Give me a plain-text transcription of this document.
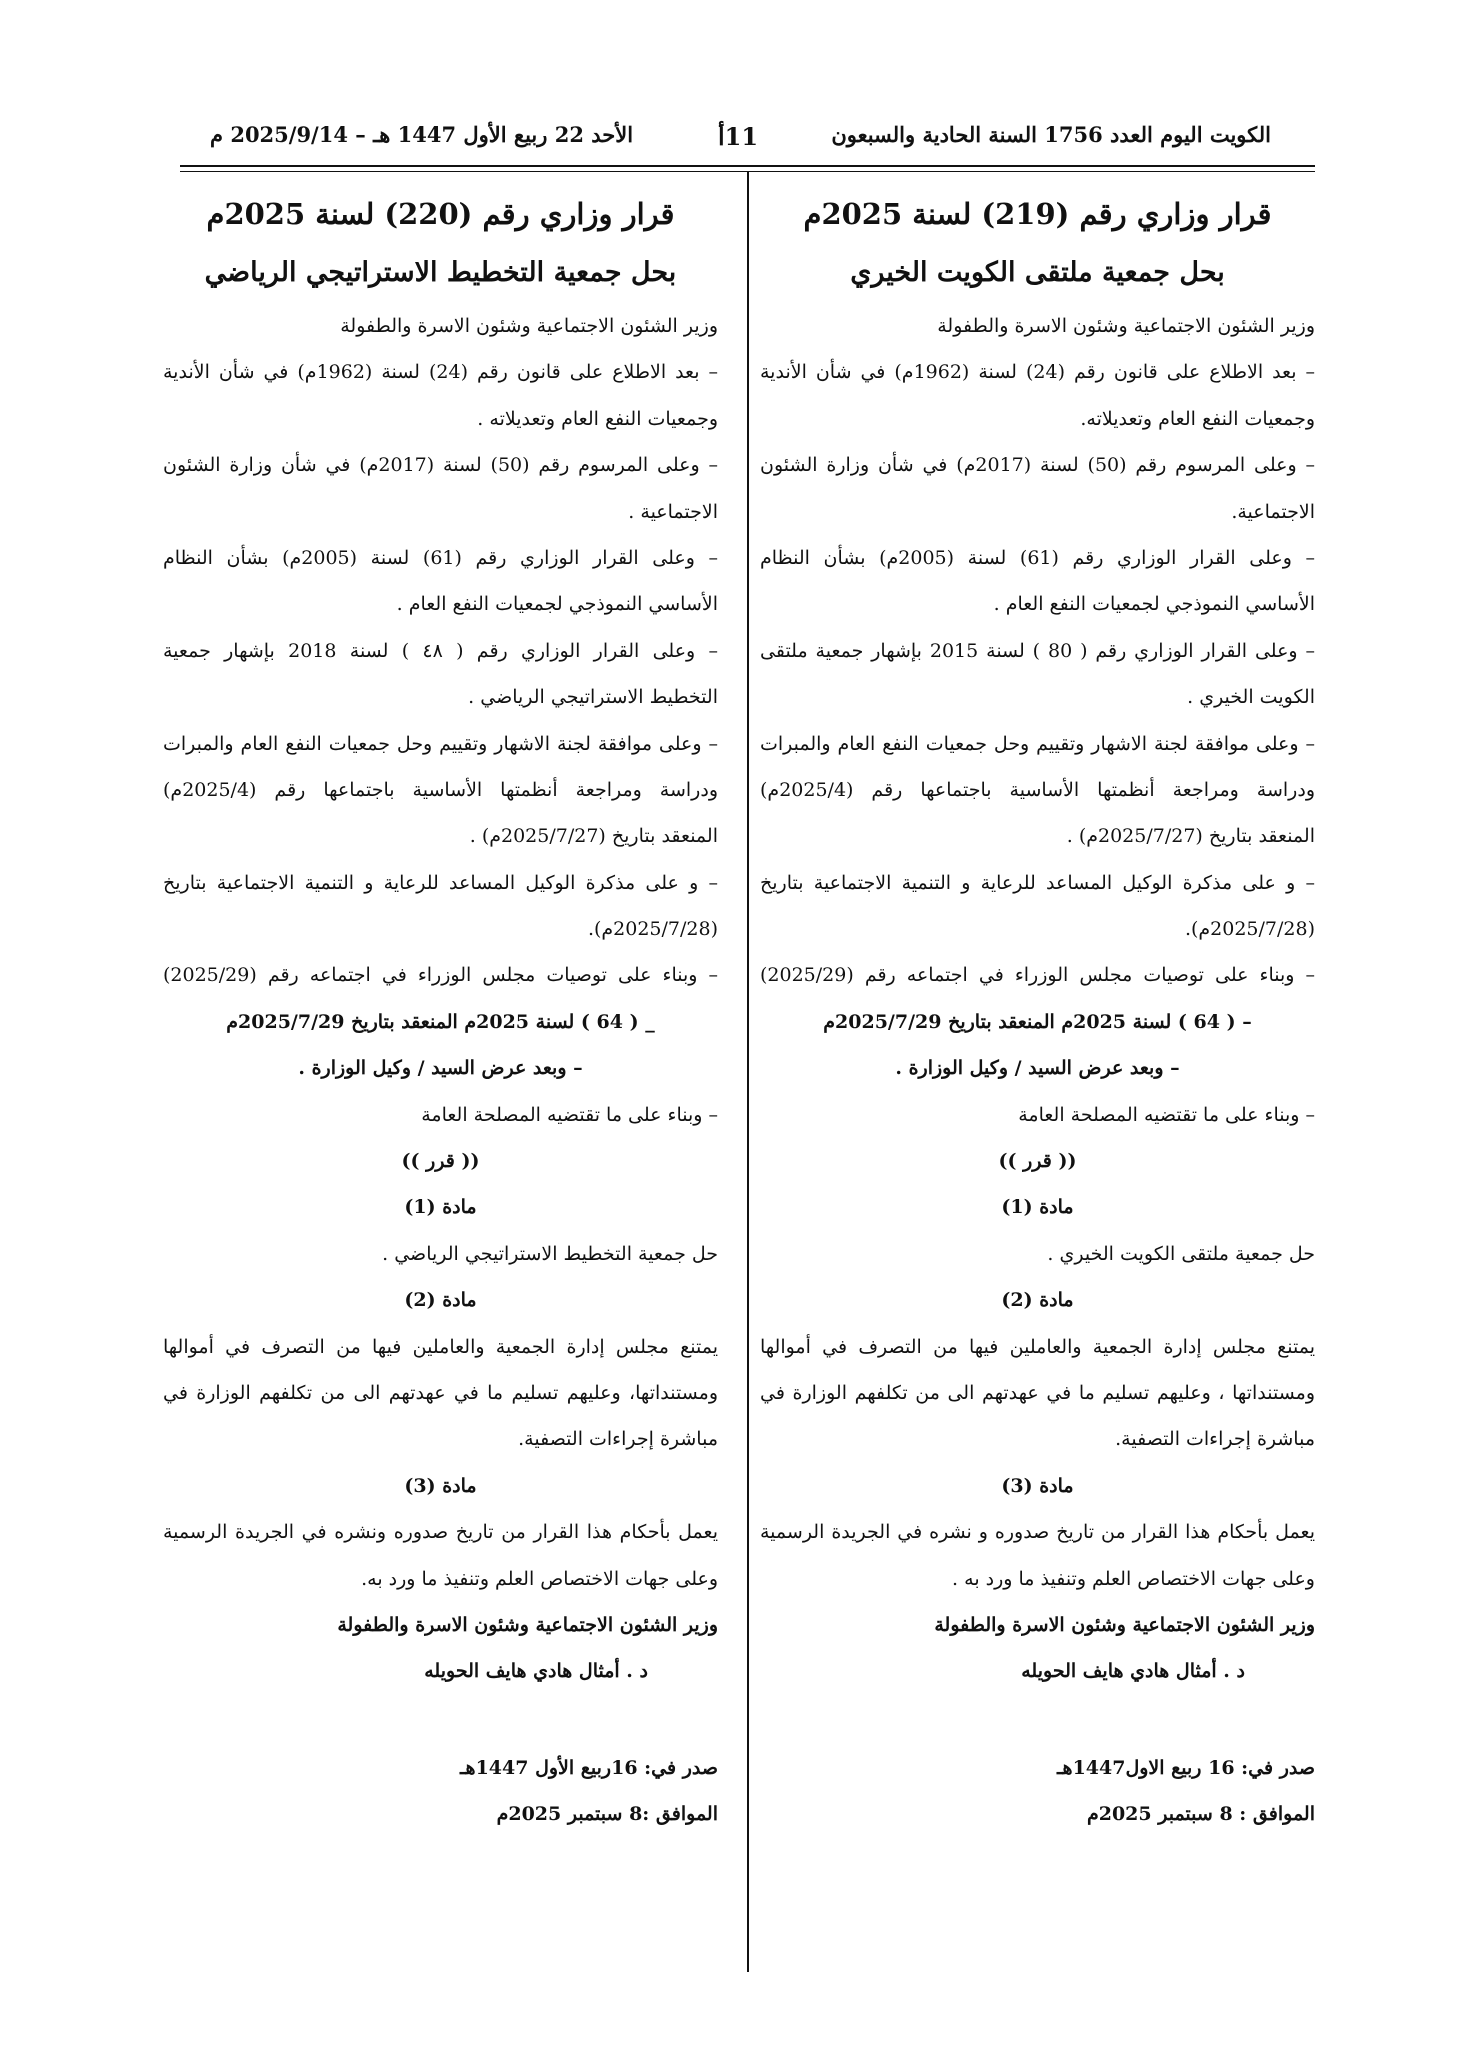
الكويت اليوم العدد 1756 السنة الحادية والسبعون
11أ
الأحد 22 ربيع الأول 1447 هـ – 2025/9/14 م
قرار وزاري رقم (219) لسنة 2025م
بحل جمعية ملتقى الكويت الخيري
وزير الشئون الاجتماعية وشئون الاسرة والطفولة
– بعد الاطلاع على قانون رقم (24) لسنة (1962م) في شأن الأندية
وجمعيات النفع العام وتعديلاته.
– وعلى المرسوم رقم (50) لسنة (2017م) في شأن وزارة الشئون
الاجتماعية.
– وعلى القرار الوزاري رقم (61) لسنة (2005م) بشأن النظام
الأساسي النموذجي لجمعيات النفع العام .
– وعلى القرار الوزاري رقم ( 80 ) لسنة 2015 بإشهار جمعية ملتقى
الكويت الخيري .
– وعلى موافقة لجنة الاشهار وتقييم وحل جمعيات النفع العام والمبرات
ودراسة ومراجعة أنظمتها الأساسية باجتماعها رقم (2025/4م)
المنعقد بتاريخ (2025/7/27م) .
– و على مذكرة الوكيل المساعد للرعاية و التنمية الاجتماعية بتاريخ
(2025/7/28م).
– وبناء على توصيات مجلس الوزراء في اجتماعه رقم (2025/29)
– ( 64 ) لسنة 2025م المنعقد بتاريخ 2025/7/29م
– وبعد عرض السيد / وكيل الوزارة .
– وبناء على ما تقتضيه المصلحة العامة
(( قرر ))
مادة (1)
حل جمعية ملتقى الكويت الخيري .
مادة (2)
يمتنع مجلس إدارة الجمعية والعاملين فيها من التصرف في أموالها
ومستنداتها ، وعليهم تسليم ما في عهدتهم الى من تكلفهم الوزارة في
مباشرة إجراءات التصفية.
مادة (3)
يعمل بأحكام هذا القرار من تاريخ صدوره و نشره في الجريدة الرسمية
وعلى جهات الاختصاص العلم وتنفيذ ما ورد به .
وزير الشئون الاجتماعية وشئون الاسرة والطفولة
د . أمثال هادي هايف الحويله
صدر في: 16 ربيع الاول1447هـ
الموافق : 8 سبتمبر 2025م
قرار وزاري رقم (220) لسنة 2025م
بحل جمعية التخطيط الاستراتيجي الرياضي
وزير الشئون الاجتماعية وشئون الاسرة والطفولة
– بعد الاطلاع على قانون رقم (24) لسنة (1962م) في شأن الأندية
وجمعيات النفع العام وتعديلاته .
– وعلى المرسوم رقم (50) لسنة (2017م) في شأن وزارة الشئون
الاجتماعية .
– وعلى القرار الوزاري رقم (61) لسنة (2005م) بشأن النظام
الأساسي النموذجي لجمعيات النفع العام .
– وعلى القرار الوزاري رقم ( ٤٨ ) لسنة 2018 بإشهار جمعية
التخطيط الاستراتيجي الرياضي .
– وعلى موافقة لجنة الاشهار وتقييم وحل جمعيات النفع العام والمبرات
ودراسة ومراجعة أنظمتها الأساسية باجتماعها رقم (2025/4م)
المنعقد بتاريخ (2025/7/27م) .
– و على مذكرة الوكيل المساعد للرعاية و التنمية الاجتماعية بتاريخ
(2025/7/28م).
– وبناء على توصيات مجلس الوزراء في اجتماعه رقم (2025/29)
_ ( 64 ) لسنة 2025م المنعقد بتاريخ 2025/7/29م
– وبعد عرض السيد / وكيل الوزارة .
– وبناء على ما تقتضيه المصلحة العامة
(( قرر ))
مادة (1)
حل جمعية التخطيط الاستراتيجي الرياضي .
مادة (2)
يمتنع مجلس إدارة الجمعية والعاملين فيها من التصرف في أموالها
ومستنداتها، وعليهم تسليم ما في عهدتهم الى من تكلفهم الوزارة في
مباشرة إجراءات التصفية.
مادة (3)
يعمل بأحكام هذا القرار من تاريخ صدوره ونشره في الجريدة الرسمية
وعلى جهات الاختصاص العلم وتنفيذ ما ورد به.
وزير الشئون الاجتماعية وشئون الاسرة والطفولة
د . أمثال هادي هايف الحويله
صدر في: 16ربيع الأول 1447هـ
الموافق :8 سبتمبر 2025م
